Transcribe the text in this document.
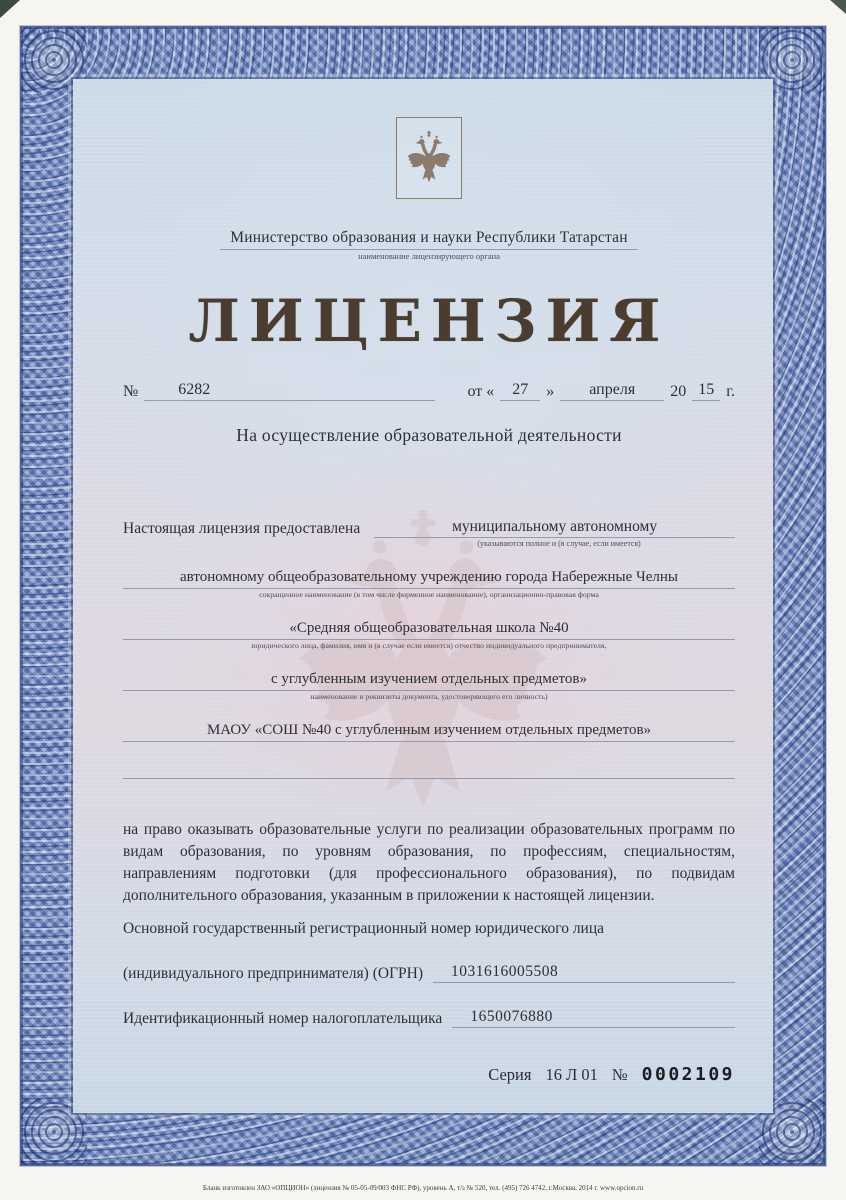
Министерство образования и науки Республики Татарстан
наименование лицензирующего органа
ЛИЦЕНЗИЯ
№	6282	от «	27	»	апреля	20 15 г.
На осуществление образовательной деятельности
Настоящая лицензия предоставлена	муниципальному автономному
(указываются полное и (в случае, если имеется)
автономному общеобразовательному учреждению города Набережные Челны
сокращенное наименование (в том числе фирменное наименование), организационно-правовая форма
«Средняя общеобразовательная школа №40
юридического лица, фамилия, имя и (в случае если имеется) отчество индивидуального предпринимателя,
с углубленным изучением отдельных предметов»
наименование и реквизиты документа, удостоверяющего его личность)
МАОУ «СОШ №40 с углубленным изучением отдельных предметов»
на право оказывать образовательные услуги по реализации образовательных программ по видам образования, по уровням образования, по профессиям, специальностям, направлениям подготовки (для профессионального образования), по подвидам дополнительного образования, указанным в приложении к настоящей лицензии.
Основной государственный регистрационный номер юридического лица
(индивидуального предпринимателя) (ОГРН)	1031616005508
Идентификационный номер налогоплательщика	1650076880
Серия 16 Л 01 № 0002109
Бланк изготовлен ЗАО «ОПЦИОН» (лицензия № 05-05-09/003 ФНС РФ), уровень А, т/з № 520, тел. (495) 726 4742, г.Москва, 2014 г. www.opcion.ru
